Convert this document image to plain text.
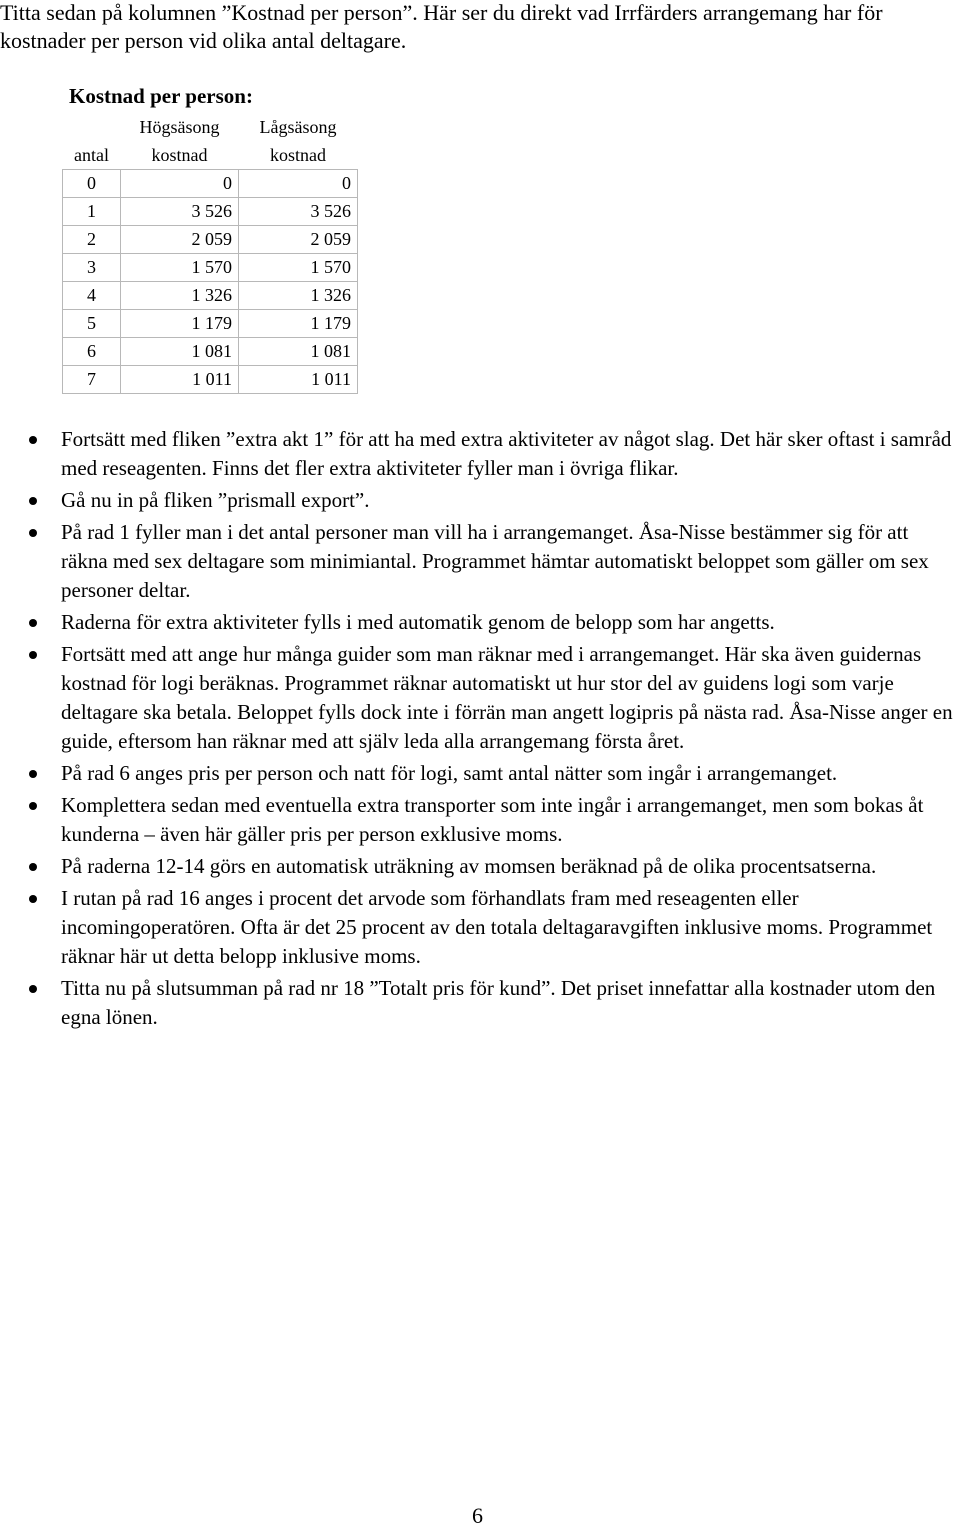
Titta sedan på kolumnen ”Kostnad per person”. Här ser du direkt vad Irrfärders arrangemang har för kostnader per person vid olika antal deltagare.

Kostnad per person:

	Högsäsong	Lågsäsong
antal	kostnad	kostnad
0	0	0
1	3 526	3 526
2	2 059	2 059
3	1 570	1 570
4	1 326	1 326
5	1 179	1 179
6	1 081	1 081
7	1 011	1 011
Fortsätt med fliken ”extra akt 1” för att ha med extra aktiviteter av något slag. Det här sker oftast i samråd med reseagenten. Finns det fler extra aktiviteter fyller man i övriga flikar.
Gå nu in på fliken ”prismall export”.
På rad 1 fyller man i det antal personer man vill ha i arrangemanget. Åsa-Nisse bestämmer sig för att räkna med sex deltagare som minimiantal. Programmet hämtar automatiskt beloppet som gäller om sex personer deltar.
Raderna för extra aktiviteter fylls i med automatik genom de belopp som har angetts.
Fortsätt med att ange hur många guider som man räknar med i arrangemanget. Här ska även guidernas kostnad för logi beräknas. Programmet räknar automatiskt ut hur stor del av guidens logi som varje deltagare ska betala. Beloppet fylls dock inte i förrän man angett logipris på nästa rad. Åsa-Nisse anger en guide, eftersom han räknar med att själv leda alla arrangemang första året.
På rad 6 anges pris per person och natt för logi, samt antal nätter som ingår i arrangemanget.
Komplettera sedan med eventuella extra transporter som inte ingår i arrangemanget, men som bokas åt kunderna – även här gäller pris per person exklusive moms.
På raderna 12-14 görs en automatisk uträkning av momsen beräknad på de olika procentsatserna.
I rutan på rad 16 anges i procent det arvode som förhandlats fram med reseagenten eller incomingoperatören. Ofta är det 25 procent av den totala deltagaravgiften inklusive moms. Programmet räknar här ut detta belopp inklusive moms.
Titta nu på slutsumman på rad nr 18 ”Totalt pris för kund”. Det priset innefattar alla kostnader utom den egna lönen.
6
